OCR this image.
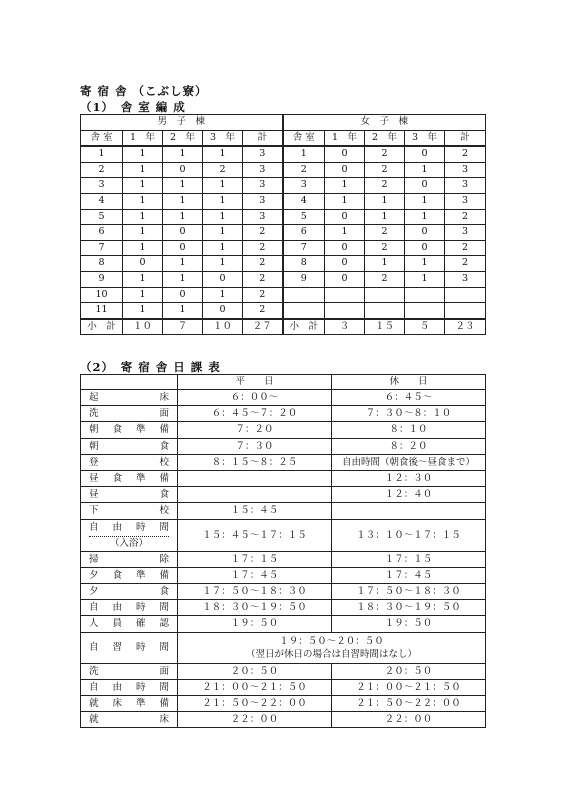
寄 宿 舎 （こぶし寮）
（1）　舎 室 編 成
男　子　棟					女　子　棟				
舎 室	1　年	2　年	3　年	計	舎 室	1　年	2　年	3　年	計
1	1	1	1	3	1	0	2	0	2
2	1	0	2	3	2	0	2	1	3
3	1	1	1	3	3	1	2	0	3
4	1	1	1	3	4	1	1	1	3
5	1	1	1	3	5	0	1	1	2
6	1	0	1	2	6	1	2	0	3
7	1	0	1	2	7	0	2	0	2
8	0	1	1	2	8	0	1	1	2
9	1	1	0	2	9	0	2	1	3
10	1	0	1	2					
11	1	1	0	2					
小　計	１０	７	１０	２７	小　計	３	１５	５	２３
（2）　寄 宿 舎 日 課 表
	平　　日	休　　日
起床	６：００～	６：４５～
洗面	６：４５～７：２０	７：３０～８：１０
朝食準備	７：２０	８：１０
朝食	７：３０	８：２０
登校	８：１５～８：２５	自由時間（朝食後～昼食まで）
昼食準備		１２：３０
昼食		１２：４０
下校	１５：４５	

自由時間
（入浴）	１５：４５～１７：１５	１３：１０～１７：１５
掃除	１７：１５	１７：１５
夕食準備	１７：４５	１７：４５
夕食	１７：５０～１８：３０	１７：５０～１８：３０
自由時間	１８：３０～１９：５０	１８：３０～１９：５０
人員確認	１９：５０	１９：５０
自習時間	１９：５０～２０：５０
（翌日が休日の場合は自習時間はなし）	

洗面	２０：５０	２０：５０
自由時間	２１：００～２１：５０	２１：００～２１：５０
就床準備	２１：５０～２２：００	２１：５０～２２：００
就床	２２：００	２２：００
